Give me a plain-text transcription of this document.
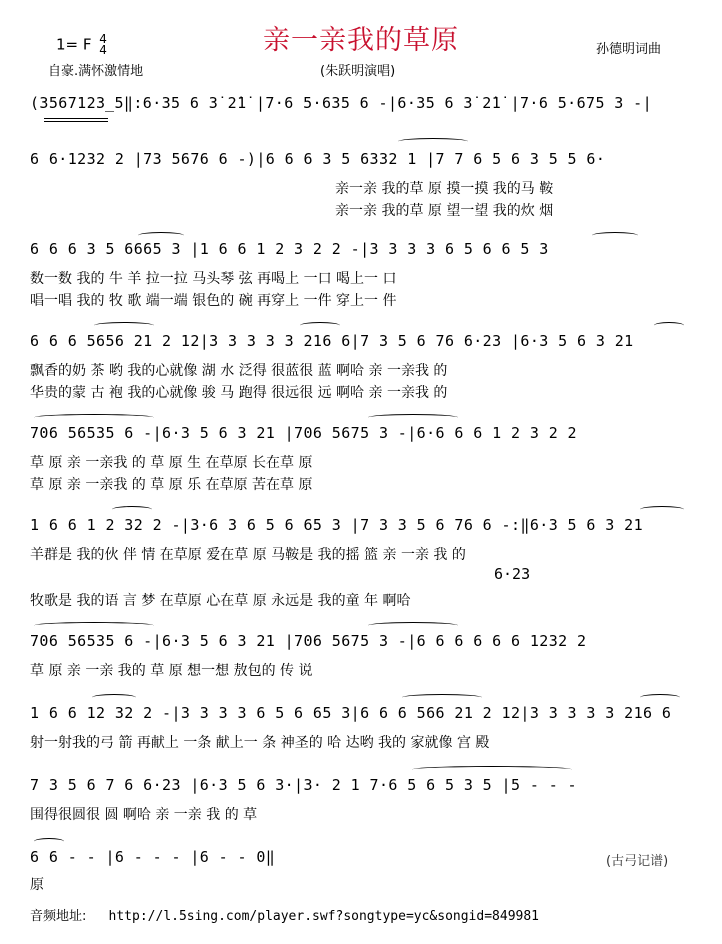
亲一亲我的草原
1= F 4
4
自豪.满怀激情地	(朱跃明演唱)
孙德明词曲
(3567123̲5‖:6·35 6 3̇ 2̇1̇ |7·6 5·635 6 -|6·35 6 3̇ 2̇1̇ |7·6 5·675 3 -|
6 6·1232 2 |73 5676 6 -)|6 6 6 3 5 6332 1 |7 7 6 5 6 3 5 5 6·
亲一亲 我的草 原 摸一摸 我的马 鞍
亲一亲 我的草 原 望一望 我的炊 烟
6 6 6 3 5 6665 3 |1 6 6 1 2 3 2 2 -|3 3 3 3 6 5 6 6 5 3
数一数 我的 牛 羊 拉一拉 马头琴 弦 再喝上 一口 喝上一 口
唱一唱 我的 牧 歌 端一端 银色的 碗 再穿上 一件 穿上一 件
6 6 6 5656 21 2 12|3 3 3 3 3 216 6|7 3 5 6 76 6·23 |6·3 5 6 3 21
飘香的奶 茶 哟 我的心就像 湖 水 泛得 很蓝很 蓝 啊哈 亲 一亲我 的
华贵的蒙 古 袍 我的心就像 骏 马 跑得 很远很 远 啊哈 亲 一亲我 的
706 56535 6 -|6·3 5 6 3 21 |706 5675 3 -|6·6 6 6 1 2 3 2 2
草 原 亲 一亲我 的 草 原 生 在草原 长在草 原
草 原 亲 一亲我 的 草 原 乐 在草原 苦在草 原
1 6 6 1 2 32 2 -|3·6 3 6 5 6 65 3 |7 3 3 5 6 76 6 -:‖6·3 5 6 3 21
羊群是 我的伙 伴 情 在草原 爱在草 原 马鞍是 我的摇 篮 亲 一亲 我 的
6·23
牧歌是 我的语 言 梦 在草原 心在草 原 永远是 我的童 年 啊哈
706 56535 6 -|6·3 5 6 3 21 |706 5675 3 -|6 6 6 6 6 6 1232 2
草 原 亲 一亲 我的 草 原 想一想 敖包的 传 说
1 6 6 12 32 2 -|3 3 3 3 6 5 6 65 3|6 6 6 566 21 2 12|3 3 3 3 3 216 6
射一射我的弓 箭 再献上 一条 献上一 条 神圣的 哈 达哟 我的 家就像 宫 殿
7 3 5 6 7 6 6·23 |6·3 5 6 3·|3· 2 1 7·6 5 6 5 3 5 |5 - - -
围得很圆很 圆 啊哈 亲 一亲 我 的 草
6 6 - - |6 - - - |6 - - 0‖	(古弓记谱)
原
音频地址: http://l.5sing.com/player.swf?songtype=yc&songid=849981
